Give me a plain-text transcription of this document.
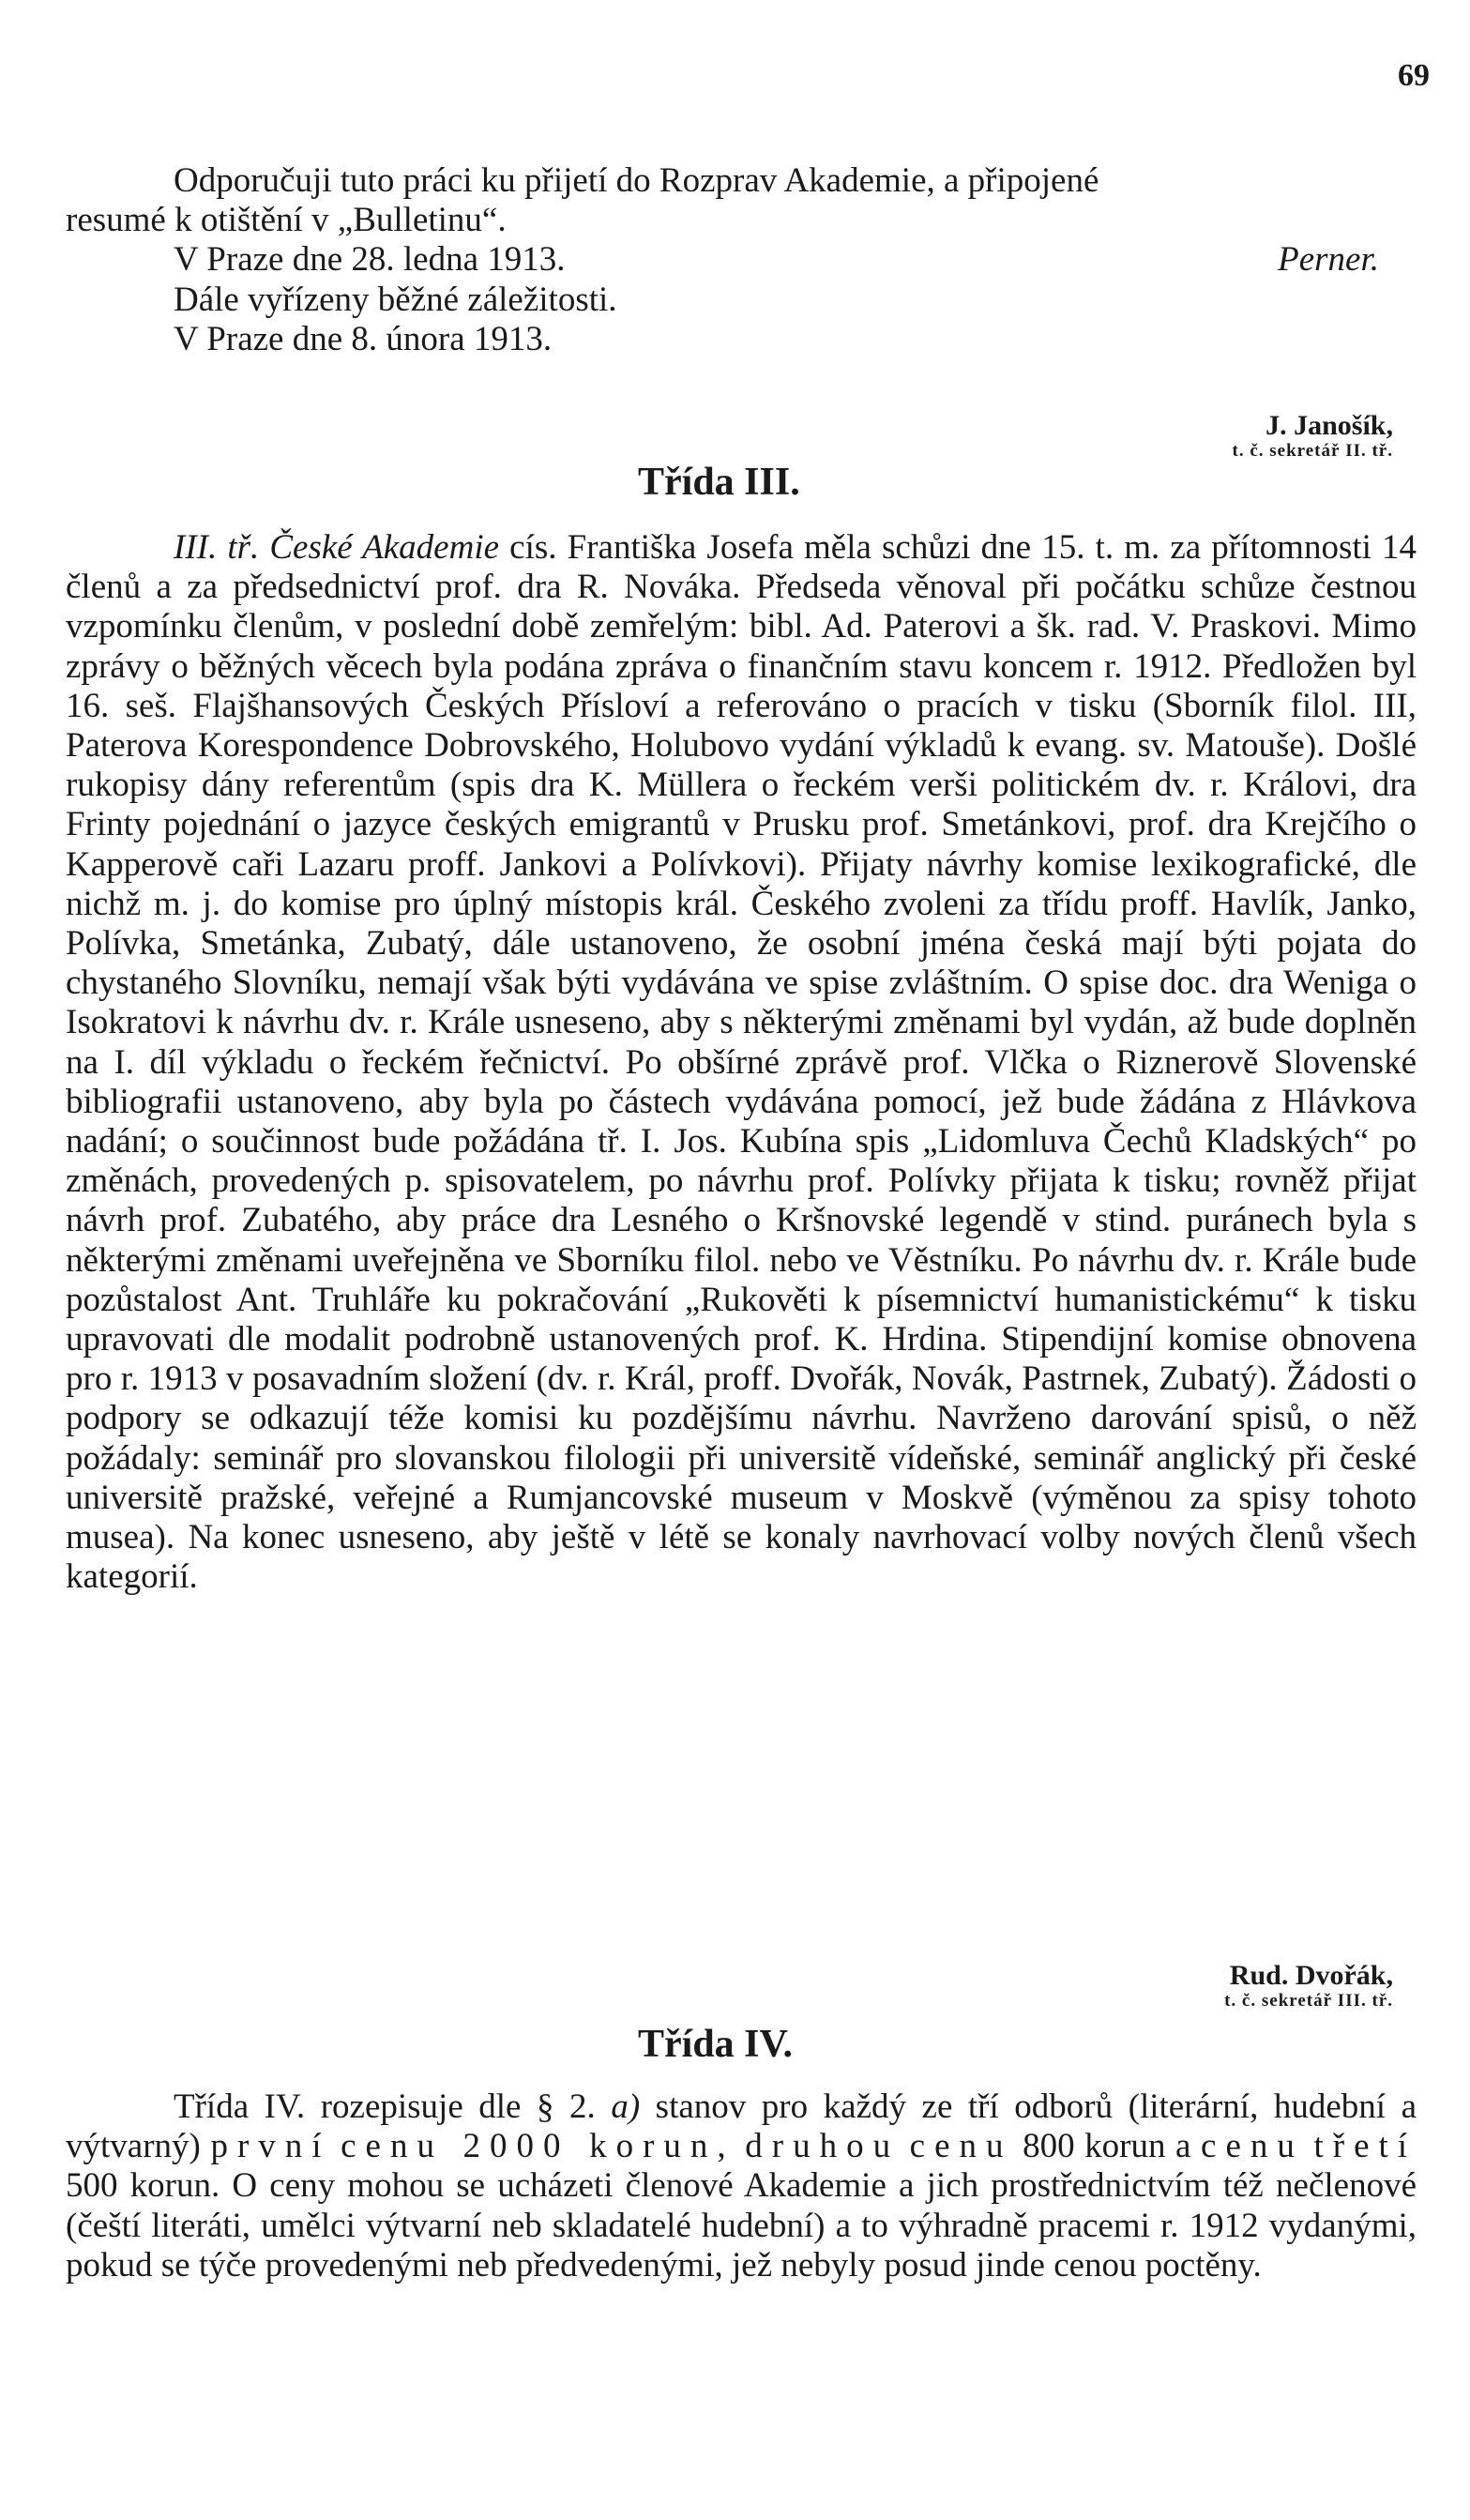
69

Odporučuji tuto práci ku přijetí do Rozprav Akademie, a připojené

resumé k otištění v „Bulletinu“.

V Praze dne 28. ledna 1913.	Perner.

Dále vyřízeny běžné záležitosti.

V Praze dne 8. února 1913.

J. Janošík,
t. č. sekretář II. tř.
Třída III.

III. tř. České Akademie cís. Františka Josefa měla schůzi dne 15. t. m. za přítomnosti 14 členů a za předsednictví prof. dra R. Nováka. Předseda věnoval při počátku schůze čestnou vzpomínku členům, v poslední době zemřelým: bibl. Ad. Paterovi a šk. rad. V. Praskovi. Mimo zprávy o běžných věcech byla podána zpráva o finančním stavu koncem r. 1912. Předložen byl 16. seš. Flajšhansových Českých Přísloví a referováno o pracích v tisku (Sborník filol. III, Paterova Korespondence Dobrovského, Holubovo vydání výkladů k evang. sv. Matouše). Došlé rukopisy dány referentům (spis dra K. Müllera o řeckém verši politickém dv. r. Královi, dra Frinty pojednání o jazyce českých emigrantů v Prusku prof. Smetánkovi, prof. dra Krejčího o Kapperově caři Lazaru proff. Jankovi a Polívkovi). Přijaty návrhy komise lexikografické, dle nichž m. j. do komise pro úplný místopis král. Českého zvoleni za třídu proff. Havlík, Janko, Polívka, Smetánka, Zubatý, dále ustanoveno, že osobní jména česká mají býti pojata do chystaného Slovníku, nemají však býti vydávána ve spise zvláštním. O spise doc. dra Weniga o Isokratovi k návrhu dv. r. Krále usneseno, aby s některými změnami byl vydán, až bude doplněn na I. díl výkladu o řeckém řečnictví. Po obšírné zprávě prof. Vlčka o Riznerově Slovenské bibliografii ustanoveno, aby byla po částech vydávána pomocí, jež bude žádána z Hlávkova nadání; o součinnost bude požádána tř. I. Jos. Kubína spis „Lidomluva Čechů Kladských“ po změnách, provedených p. spisovatelem, po návrhu prof. Polívky přijata k tisku; rovněž přijat návrh prof. Zubatého, aby práce dra Lesného o Kršnovské legendě v stind. puránech byla s některými změnami uveřejněna ve Sborníku filol. nebo ve Věstníku. Po návrhu dv. r. Krále bude pozůstalost Ant. Truhláře ku pokračování „Rukověti k písemnictví humanistickému“ k tisku upravovati dle modalit podrobně ustanovených prof. K. Hrdina. Stipendijní komise obnovena pro r. 1913 v posavadním složení (dv. r. Král, proff. Dvořák, Novák, Pastrnek, Zubatý). Žádosti o podpory se odkazují téže komisi ku pozdějšímu návrhu. Navrženo darování spisů, o něž požádaly: seminář pro slovanskou filologii při universitě vídeňské, seminář anglický při české universitě pražské, veřejné a Rumjancovské museum v Moskvě (výměnou za spisy tohoto musea). Na konec usneseno, aby ještě v létě se konaly navrhovací volby nových členů všech kategorií.

Rud. Dvořák,
t. č. sekretář III. tř.
Třída IV.

Třída IV. rozepisuje dle § 2. a) stanov pro každý ze tří odborů (literární, hudební a výtvarný) první cenu 2000 korun, druhou cenu 800 korun a cenu třetí 500 korun. O ceny mohou se ucházeti členové Akademie a jich prostřednictvím též nečlenové (čeští literáti, umělci výtvarní neb skladatelé hudební) a to výhradně pracemi r. 1912 vydanými, pokud se týče provedenými neb předvedenými, jež nebyly posud jinde cenou poctěny.
